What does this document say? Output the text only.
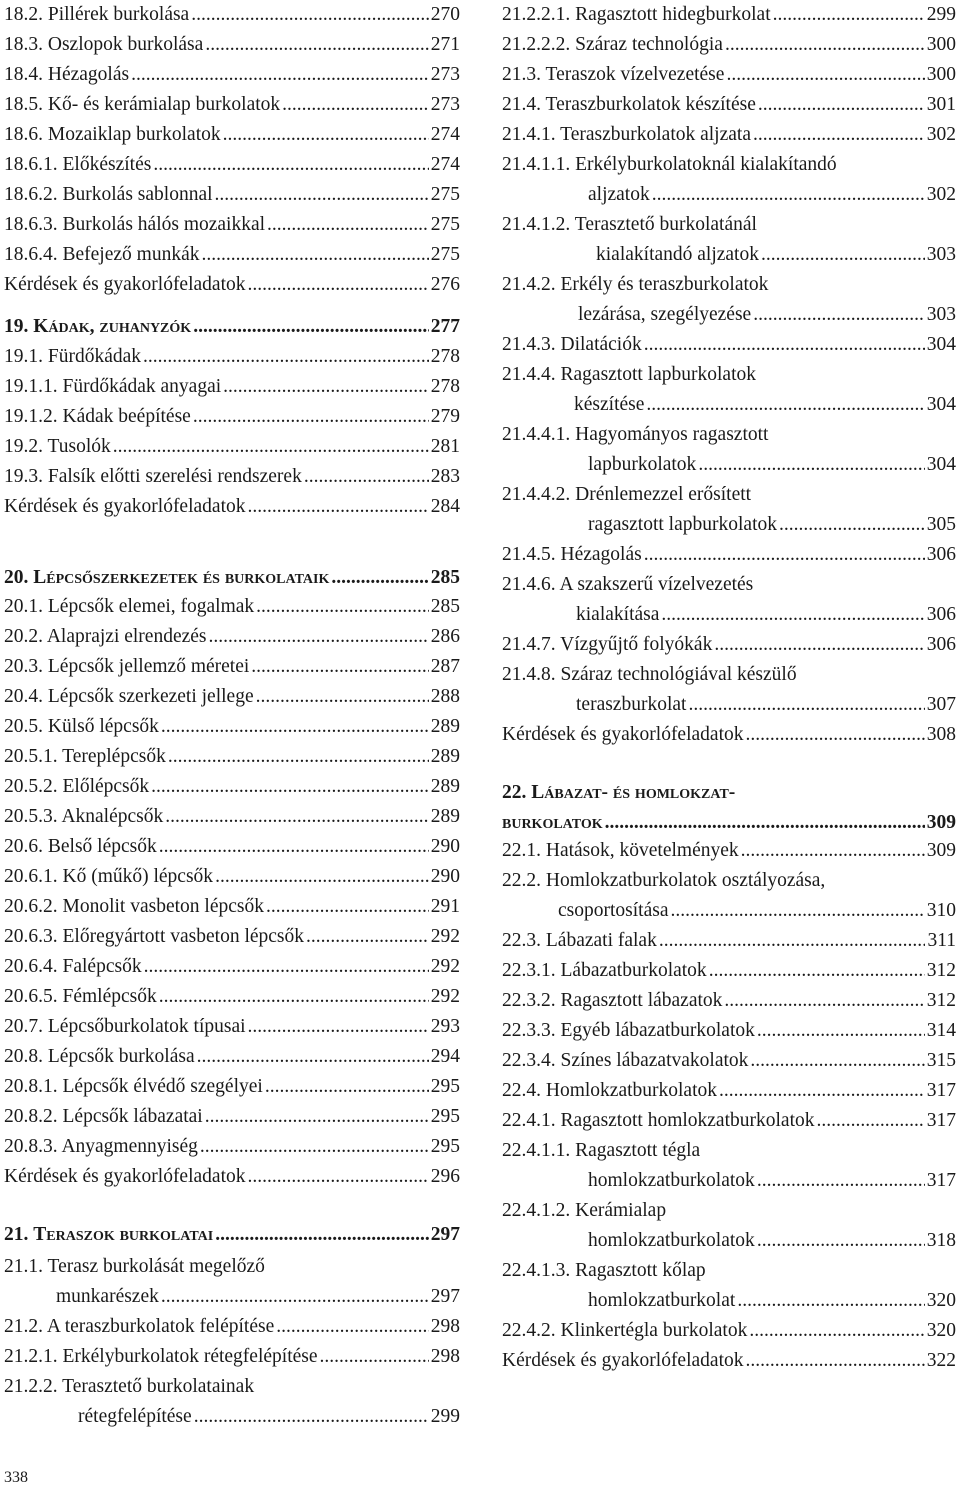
18.2. Pillérek burkolása .....	270
18.3. Oszlopok burkolása .....	271
18.4. Hézagolás .....	273
18.5. Kő- és kerámialap burkolatok .....	273
18.6. Mozaiklap burkolatok .....	274
18.6.1. Előkészítés .....	274
18.6.2. Burkolás sablonnal .....	275
18.6.3. Burkolás hálós mozaikkal .....	275
18.6.4. Befejező munkák .....	275
Kérdések és gyakorlófeladatok .....	276
19. Kádak, zuhanyzók .....	277
19.1. Fürdőkádak .....	278
19.1.1. Fürdőkádak anyagai .....	278
19.1.2. Kádak beépítése .....	279
19.2. Tusolók .....	281
19.3. Falsík előtti szerelési rendszerek .....	283
Kérdések és gyakorlófeladatok .....	284
20. Lépcsőszerkezetek és burkolataik .....	285
20.1. Lépcsők elemei, fogalmak .....	285
20.2. Alaprajzi elrendezés .....	286
20.3. Lépcsők jellemző méretei .....	287
20.4. Lépcsők szerkezeti jellege .....	288
20.5. Külső lépcsők .....	289
20.5.1. Tereplépcsők .....	289
20.5.2. Előlépcsők .....	289
20.5.3. Aknalépcsők .....	289
20.6. Belső lépcsők .....	290
20.6.1. Kő (műkő) lépcsők .....	290
20.6.2. Monolit vasbeton lépcsők .....	291
20.6.3. Előregyártott vasbeton lépcsők .....	292
20.6.4. Falépcsők .....	292
20.6.5. Fémlépcsők .....	292
20.7. Lépcsőburkolatok típusai .....	293
20.8. Lépcsők burkolása .....	294
20.8.1. Lépcsők élvédő szegélyei .....	295
20.8.2. Lépcsők lábazatai .....	295
20.8.3. Anyagmennyiség .....	295
Kérdések és gyakorlófeladatok .....	296
21. Teraszok burkolatai .....	297
21.1. Terasz burkolását megelőző
munkarészek .....	297
21.2. A teraszburkolatok felépítése .....	298
21.2.1. Erkélyburkolatok rétegfelépítése .....	298
21.2.2. Terasztető burkolatainak
rétegfelépítése .....	299
21.2.2.1. Ragasztott hidegburkolat .....	299
21.2.2.2. Száraz technológia .....	300
21.3. Teraszok vízelvezetése .....	300
21.4. Teraszburkolatok készítése .....	301
21.4.1. Teraszburkolatok aljzata .....	302
21.4.1.1. Erkélyburkolatoknál kialakítandó
aljzatok .....	302
21.4.1.2. Terasztető burkolatánál
kialakítandó aljzatok .....	303
21.4.2. Erkély és teraszburkolatok
lezárása, szegélyezése .....	303
21.4.3. Dilatációk .....	304
21.4.4. Ragasztott lapburkolatok
készítése .....	304
21.4.4.1. Hagyományos ragasztott
lapburkolatok .....	304
21.4.4.2. Drénlemezzel erősített
ragasztott lapburkolatok .....	305
21.4.5. Hézagolás .....	306
21.4.6. A szakszerű vízelvezetés
kialakítása .....	306
21.4.7. Vízgyűjtő folyókák .....	306
21.4.8. Száraz technológiával készülő
teraszburkolat .....	307
Kérdések és gyakorlófeladatok .....	308
22. Lábazat- és homlokzat-
burkolatok .....	309
22.1. Hatások, követelmények .....	309
22.2. Homlokzatburkolatok osztályozása,
csoportosítása .....	310
22.3. Lábazati falak .....	311
22.3.1. Lábazatburkolatok .....	312
22.3.2. Ragasztott lábazatok .....	312
22.3.3. Egyéb lábazatburkolatok .....	314
22.3.4. Színes lábazatvakolatok .....	315
22.4. Homlokzatburkolatok .....	317
22.4.1. Ragasztott homlokzatburkolatok .....	317
22.4.1.1. Ragasztott tégla
homlokzatburkolatok .....	317
22.4.1.2. Kerámialap
homlokzatburkolatok .....	318
22.4.1.3. Ragasztott kőlap
homlokzatburkolat .....	320
22.4.2. Klinkertégla burkolatok .....	320
Kérdések és gyakorlófeladatok .....	322
338
